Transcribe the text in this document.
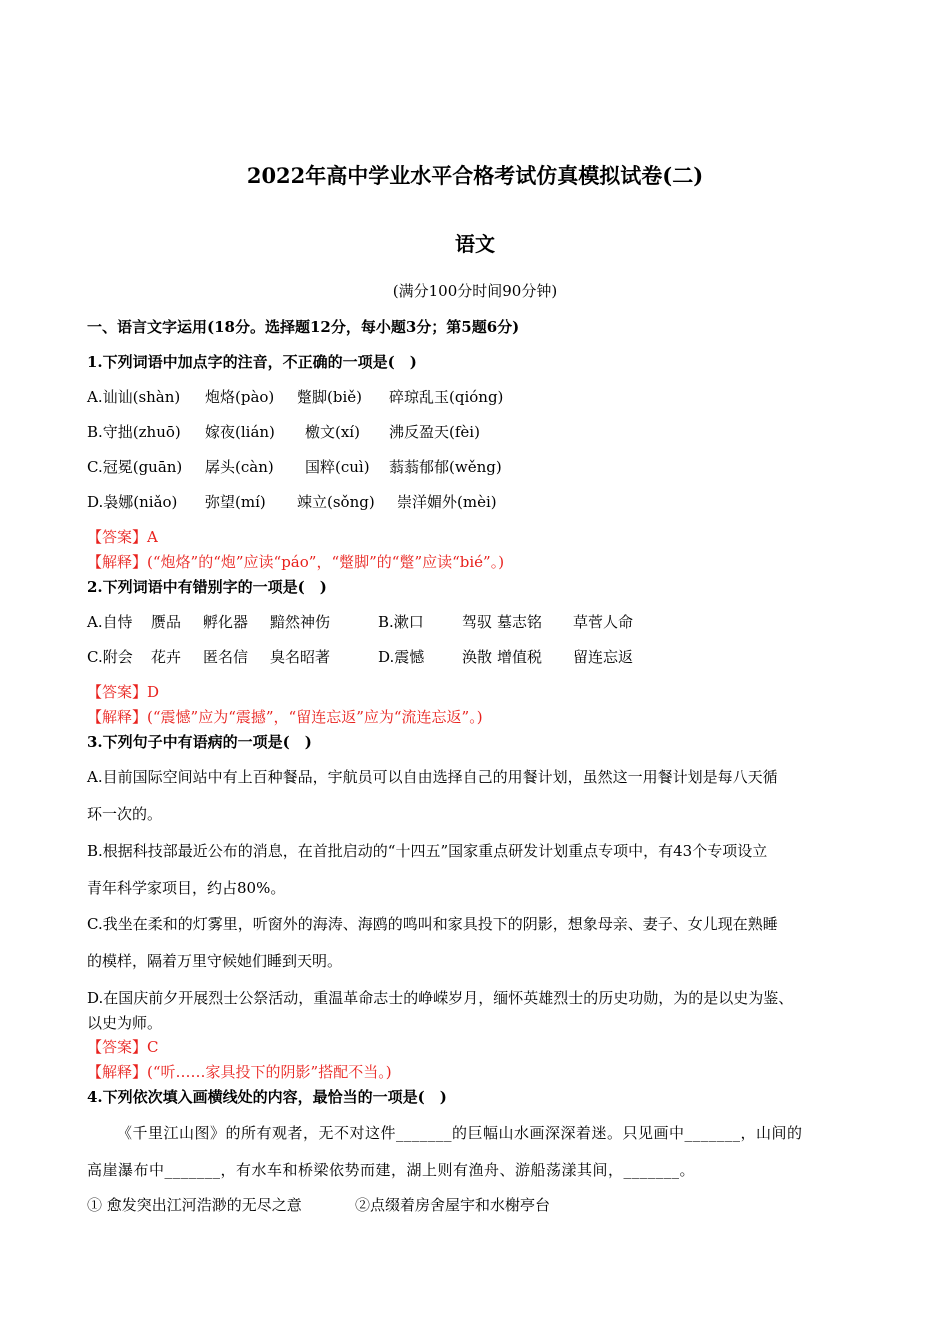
2022年高中学业水平合格考试仿真模拟试卷(二)
语文
(满分100分时间90分钟)
一、语言文字运用(18分。选择题12分，每小题3分；第5题6分)
1.下列词语中加点字的注音，不正确的一项是(　)
A.讪讪(shàn) 炮烙(pào) 蹩脚(biě) 碎琼乱玉(qióng)
B.守拙(zhuō) 嫁夜(lián) 檄文(xí) 沸反盈天(fèi)
C.冠冕(guān) 孱头(càn) 国粹(cuì) 蓊蓊郁郁(wěng)
D.袅娜(niǎo) 弥望(mí) 竦立(sǒng) 崇洋媚外(mèi)
【答案】A
【解释】(“炮烙”的“炮”应读“páo”，“蹩脚”的“蹩”应读“bié”。)
2.下列词语中有错别字的一项是(　)
A.自恃 赝品 孵化器 黯然神伤	B.漱口	驾驭 墓志铭 草菅人命
C.附会 花卉 匿名信 臭名昭著	D.震憾	涣散 增值税 留连忘返
【答案】D
【解释】(“震憾”应为“震撼”，“留连忘返”应为“流连忘返”。)
3.下列句子中有语病的一项是(　)
A.目前国际空间站中有上百种餐品，宇航员可以自由选择自己的用餐计划，虽然这一用餐计划是每八天循
环一次的。
B.根据科技部最近公布的消息，在首批启动的“十四五”国家重点研发计划重点专项中，有43个专项设立
青年科学家项目，约占80%。
C.我坐在柔和的灯雾里，听窗外的海涛、海鸥的鸣叫和家具投下的阴影，想象母亲、妻子、女儿现在熟睡
的模样，隔着万里守候她们睡到天明。
D.在国庆前夕开展烈士公祭活动，重温革命志士的峥嵘岁月，缅怀英雄烈士的历史功勋，为的是以史为鉴、
以史为师。
【答案】C
【解释】(“听……家具投下的阴影”搭配不当。)
4.下列依次填入画横线处的内容，最恰当的一项是(　)
《千里江山图》的所有观者，无不对这件_______的巨幅山水画深深着迷。只见画中_______，山间的
高崖瀑布中_______，有水车和桥梁依势而建，湖上则有渔舟、游船荡漾其间，_______。
① 愈发突出江河浩渺的无尽之意	②点缀着房舍屋宇和水榭亭台
